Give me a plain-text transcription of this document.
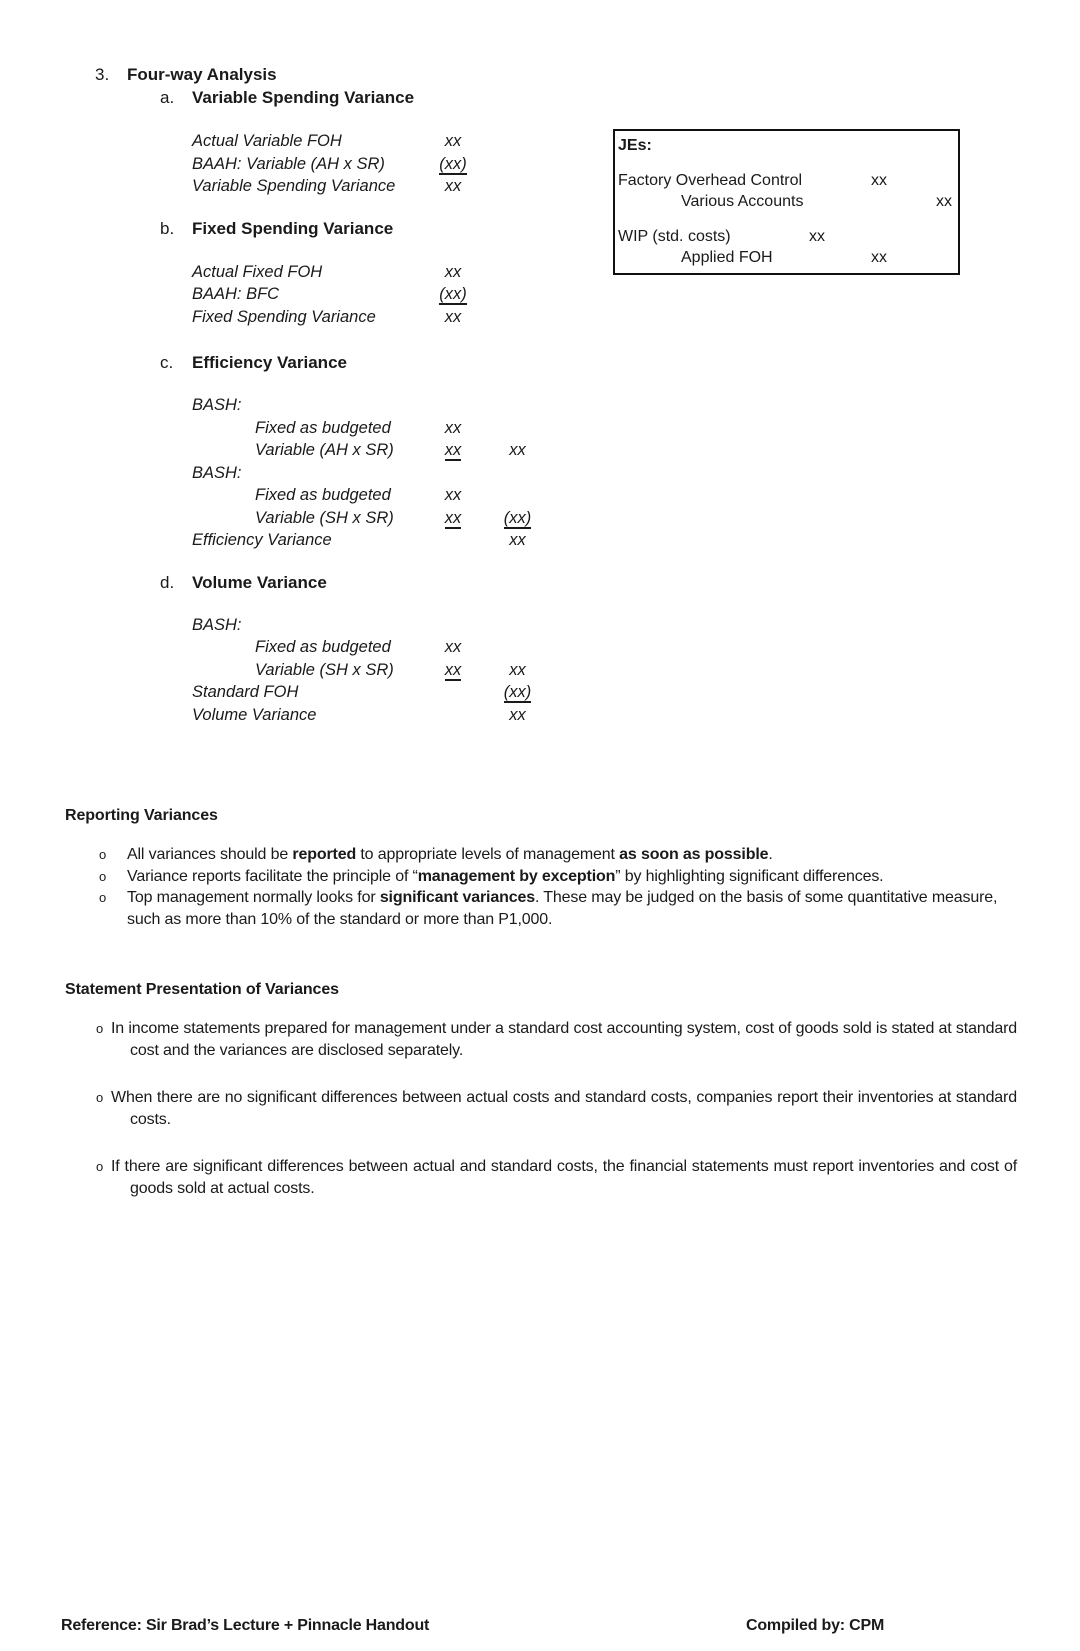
3.	Four-way Analysis
a.	Variable Spending Variance
Actual Variable FOH	xx
BAAH: Variable (AH x SR)	(xx)
Variable Spending Variance	xx
b.	Fixed Spending Variance
Actual Fixed FOH	xx
BAAH: BFC	(xx)
Fixed Spending Variance	xx
c.	Efficiency Variance
BASH:
Fixed as budgeted	xx
Variable (AH x SR)	xx	xx
BASH:
Fixed as budgeted	xx
Variable (SH x SR)	xx	(xx)
Efficiency Variance	xx
d.	Volume Variance
BASH:
Fixed as budgeted	xx
Variable (SH x SR)	xx	xx
Standard FOH	(xx)
Volume Variance	xx
JEs:
Factory Overhead Control	xx
Various Accounts	xx
WIP (std. costs)	xx
Applied FOH	xx
Reporting Variances
o All variances should be reported to appropriate levels of management as soon as possible.
o Variance reports facilitate the principle of “management by exception” by highlighting significant differences.
o Top management normally looks for significant variances. These may be judged on the basis of some quantitative measure, such as more than 10% of the standard or more than P1,000.
Statement Presentation of Variances
o In income statements prepared for management under a standard cost accounting system, cost of goods sold is stated at standard cost and the variances are disclosed separately.
o When there are no significant differences between actual costs and standard costs, companies report their inventories at standard costs.
o If there are significant differences between actual and standard costs, the financial statements must report inventories and cost of goods sold at actual costs.
Reference: Sir Brad’s Lecture + Pinnacle Handout	Compiled by: CPM
